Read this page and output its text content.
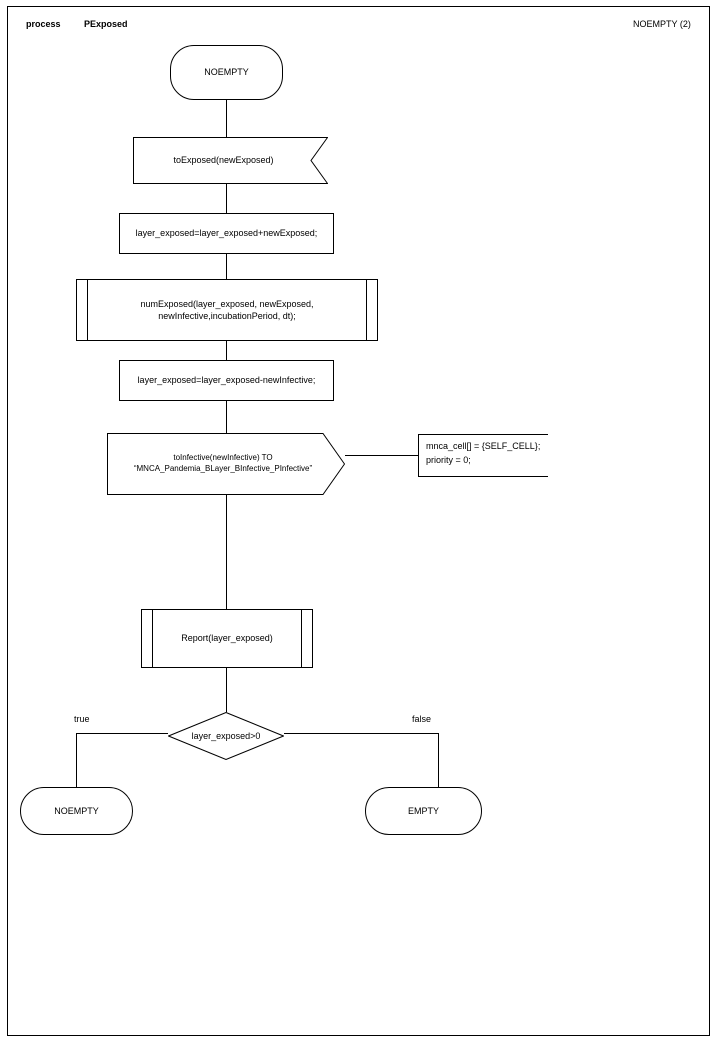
process	PExposed	NOEMPTY (2)
NOEMPTY
toExposed(newExposed)
layer_exposed=layer_exposed+newExposed;
numExposed(layer_exposed, newExposed,
newInfective,incubationPeriod, dt);
layer_exposed=layer_exposed-newInfective;
toInfective(newInfective) TO “MNCA_Pandemia_BLayer_BInfective_PInfective”
mnca_cell[] = {SELF_CELL};
priority = 0;
Report(layer_exposed)
layer_exposed>0
true	false
NOEMPTY	EMPTY
